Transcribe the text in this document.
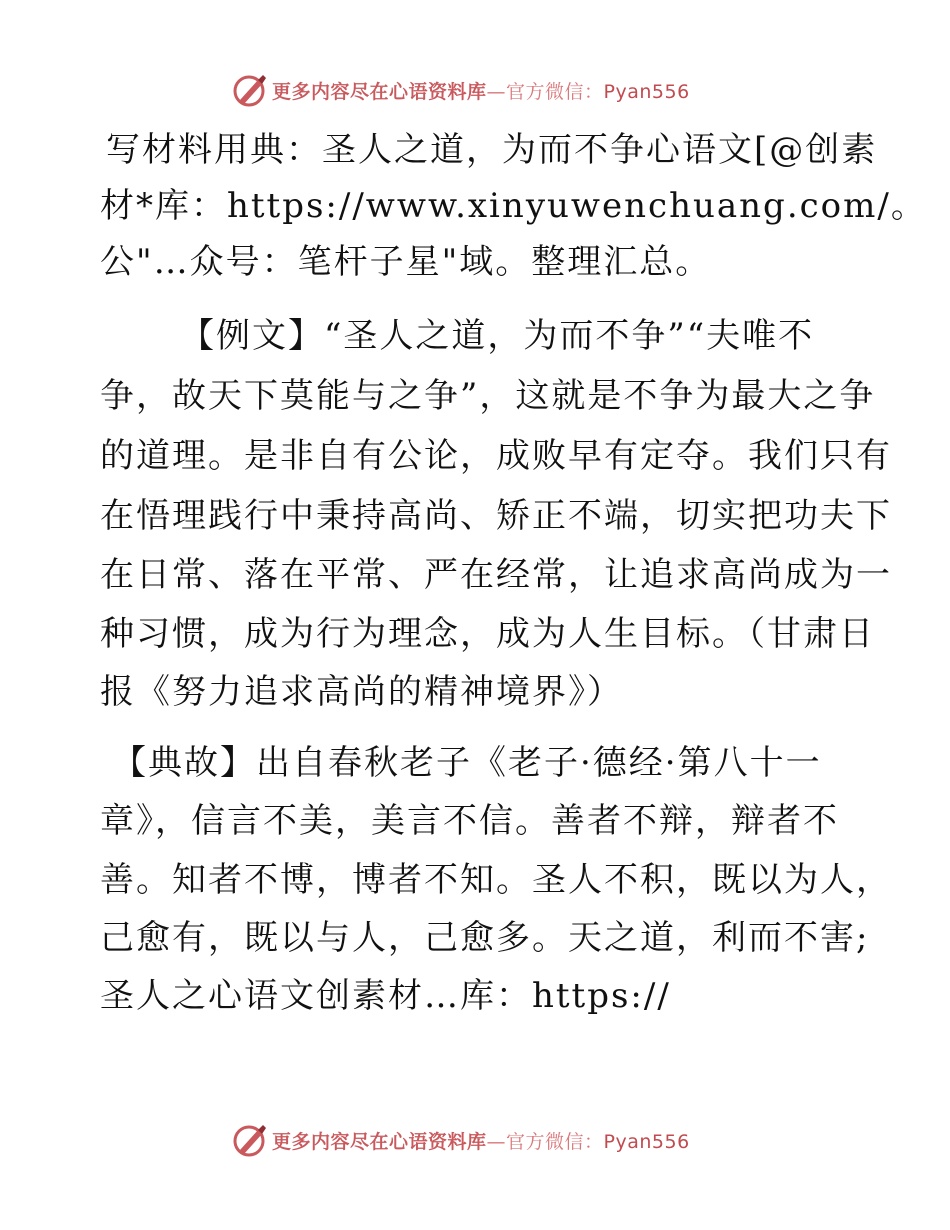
更多内容尽在心语资料库—官方微信：Pyan556
写材料用典：圣人之道，为而不争心语文[@创素
材*库：https://www.xinyuwenchuang.com/。
公"…众号：笔杆子星"域。整理汇总。
【例文】“圣人之道，为而不争”“夫唯不
争，故天下莫能与之争”，这就是不争为最大之争
的道理。是非自有公论，成败早有定夺。我们只有
在悟理践行中秉持高尚、矫正不端，切实把功夫下
在日常、落在平常、严在经常，让追求高尚成为一
种习惯，成为行为理念，成为人生目标。（甘肃日
报《努力追求高尚的精神境界》）
【典故】出自春秋老子《老子·德经·第八十一
章》，信言不美，美言不信。善者不辩，辩者不
善。知者不博，博者不知。圣人不积，既以为人，
己愈有，既以与人，己愈多。天之道，利而不害;
圣人之心语文创素材…库：https://
更多内容尽在心语资料库—官方微信：Pyan556
